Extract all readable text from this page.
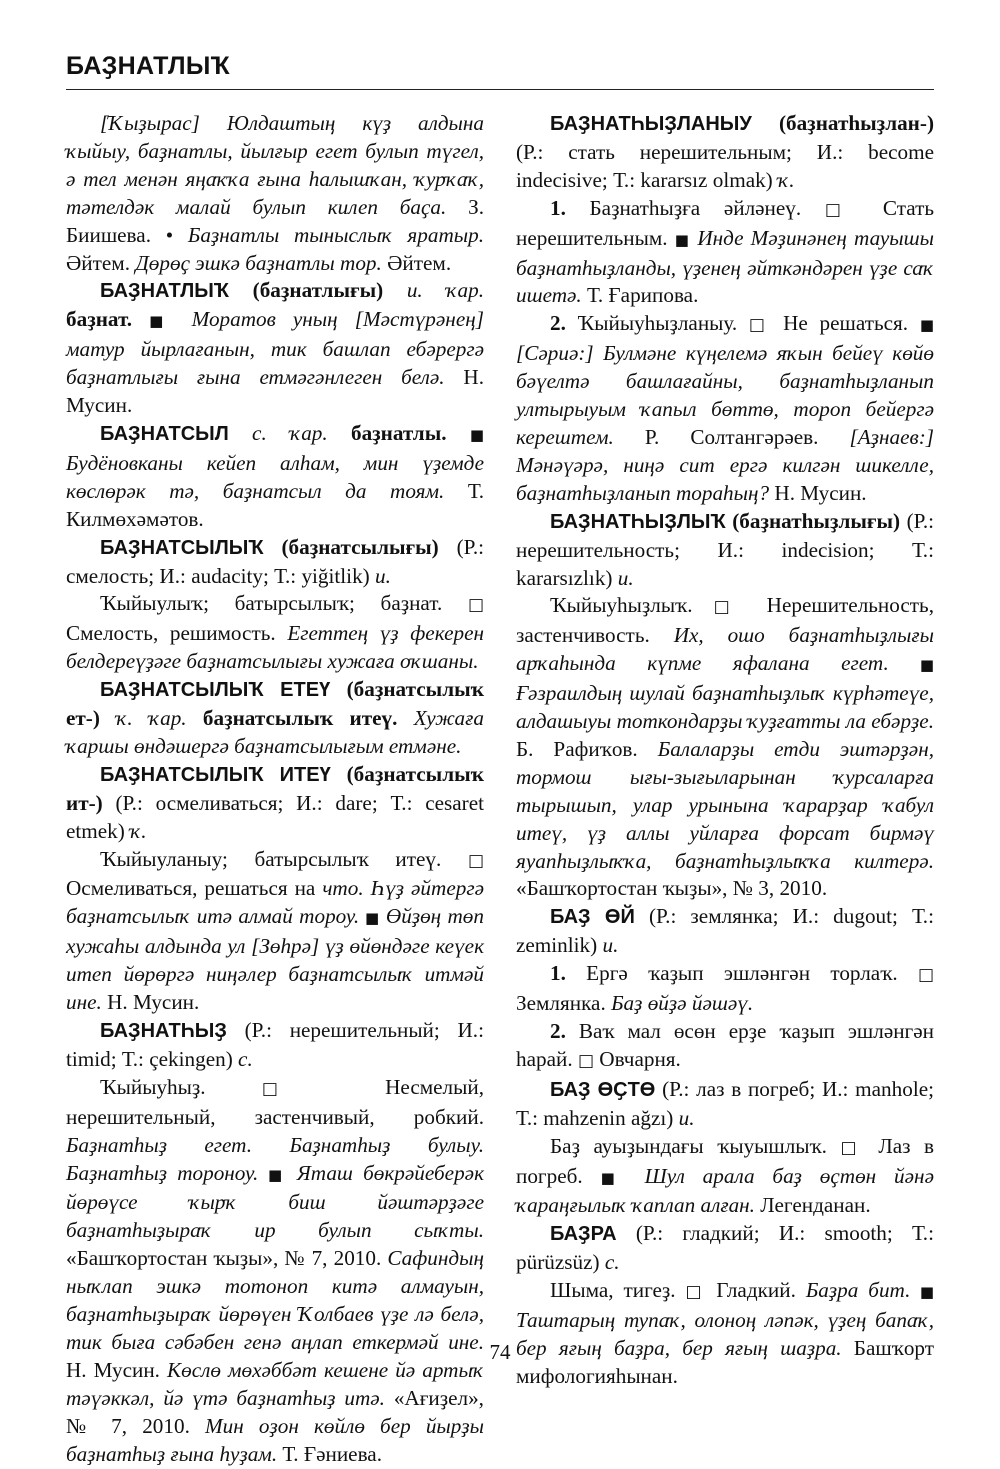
БАҘНАТЛЫҠ

[Ҡыҙырас] Юлдаштың күҙ алдына ҡыйыу, баҙнатлы, йылғыр егет булып түгел, ә тел менән яңаҡҡа ғына һалышҡан, ҡурҡаҡ, тәтелдәк малай булып килеп баҫа. З. Биишева. • Баҙнатлы тыныслыҡ яратыр. Әйтем. Дөрөҫ эшкә баҙнатлы тор. Әйтем.

БАҘНАТЛЫҠ (баҙнатлығы) и. ҡар. баҙнат. ■ Моратов уның [Мәстүрәнең] матур йырлағанын, тик башлап ебәрергә баҙнатлығы ғына етмәгәнлеген белә. Н. Мусин.

БАҘНАТСЫЛ с. ҡар. баҙнатлы. ■ Будёновканы кейеп алһам, мин үҙемде көслөрәк тә, баҙнатсыл да тоям. Т. Килмөхәмәтов.

БАҘНАТСЫЛЫҠ (баҙнатсылығы) (Р.: смелость; И.: audacity; Т.: yiğitlik) и.

Ҡыйыулыҡ; батырсылыҡ; баҙнат. □ Смелость, решимость. Егеттең үҙ фекерен белдереүҙәге баҙнатсылығы хужаға оҡшаны.

БАҘНАТСЫЛЫҠ ЕТЕҮ (баҙнатсылыҡ ет-) ҡ. ҡар. баҙнатсылыҡ итеү. Хужаға ҡаршы өндәшергә баҙнатсылығым етмәне.

БАҘНАТСЫЛЫҠ ИТЕҮ (баҙнатсылыҡ ит-) (Р.: осмеливаться; И.: dare; Т.: cesaret etmek) ҡ.

Ҡыйыуланыу; батырсылыҡ итеү. □ Осмеливаться, решаться на что. Һүҙ әйтергә баҙнатсылыҡ итә алмай тороу. ■ Өйҙөң төп хужаһы алдында ул [Зөһрә] үҙ өйөндәге кеүек итеп йөрөргә ниңәлер баҙнатсылыҡ итмәй ине. Н. Мусин.

БАҘНАТҺЫҘ (Р.: нерешительный; И.: timid; Т.: çekingen) с.

Ҡыйыуһыҙ. □ Несмелый, нерешительный, застенчивый, робкий. Баҙнатһыҙ егет. Баҙнатһыҙ булыу. Баҙнатһыҙ тороноу. ■ Яташ бөкрәйеберәк йөрөүсе ҡырҡ биш йәштәрҙәге баҙнатһыҙыраҡ ир булып сыҡты. «Башҡортостан ҡыҙы», № 7, 2010. Сафиндың ныҡлап эшкә тотоноп китә алмауын, баҙнатһыҙыраҡ йөрөүен Ҡолбаев үҙе лә белә, тик быға сәбәбен генә аңлап еткермәй ине. Н. Мусин. Көслө мөхәббәт кешене йә артыҡ тәүәккәл, йә үтә баҙнатһыҙ итә. «Ағиҙел», № 7, 2010. Мин оҙон көйлө бер йырҙы баҙнатһыҙ ғына һуҙам. Т. Ғәниева.

БАҘНАТҺЫҘЛАНЫУ (баҙнатһыҙлан-) (Р.: стать нерешительным; И.: become indecisive; Т.: kararsız olmak) ҡ.

1. Баҙнатһыҙға әйләнеү. □ Стать нерешительным. ■ Инде Мәҙинәнең тауышы баҙнатһыҙланды, үҙенең әйткәндәрен үҙе саҡ ишетә. Т. Ғарипова.

2. Ҡыйыуһыҙланыу. □ Не решаться. ■ [Сәриә:] Булмәне күңелемә яҡын бейеү көйө бәүелтә башлағайны, баҙнатһыҙланып ултырыуым ҡапыл бөттө, тороп бейергә керештем. Р. Солтангәрәев. [Аҙнаев:] Мәнәүәрә, ниңә сит ергә килгән шикелле, баҙнатһыҙланып тораһың? Н. Мусин.

БАҘНАТҺЫҘЛЫҠ (баҙнатһыҙлығы) (Р.: нерешительность; И.: indecision; Т.: kararsızlık) и.

Ҡыйыуһыҙлыҡ. □ Нерешительность, застенчивость. Их, ошо баҙнатһыҙлығы арҡаһында күпме яфалана егет. ■ Ғәзраилдың шулай баҙнатһыҙлыҡ күрһәтеүе, алдашыуы тоткондарҙы ҡуҙғатты ла ебәрҙе. Б. Рафиҡов. Балаларҙы етди эштәрҙән, тормош ығы-зығыларынан ҡурсаларға тырышып, улар урынына ҡарарҙар ҡабул итеү, үҙ аллы уйларға форсат бирмәү яуапһыҙлыҡҡа, баҙнатһыҙлыҡҡа килтерә. «Башҡортостан ҡыҙы», № 3, 2010.

БАҘ ӨЙ (Р.: землянка; И.: dugout; Т.: zeminlik) и.

1. Ергә ҡаҙып эшләнгән торлаҡ. □ Землянка. Баҙ өйҙә йәшәү.

2. Ваҡ мал өсөн ерҙе ҡаҙып эшләнгән һарай. □ Овчарня.

БАҘ ӨҪТӨ (Р.: лаз в погреб; И.: manhole; Т.: mahzenin ağzı) и.

Баҙ ауыҙындағы ҡыуышлыҡ. □ Лаз в погреб. ■ Шул арала баҙ өҫтөн йәнә ҡараңғылыҡ ҡаплап алған. Легенданан.

БАҘРА (Р.: гладкий; И.: smooth; Т.: pürüzsüz) с.

Шыма, тигеҙ. □ Гладкий. Баҙра бит. ■ Таштарың тупаҡ, олоноң ләпәк, үҙең бапаҡ, бер яғың баҙра, бер яғың шаҙра. Башҡорт мифологияһынан.

74
